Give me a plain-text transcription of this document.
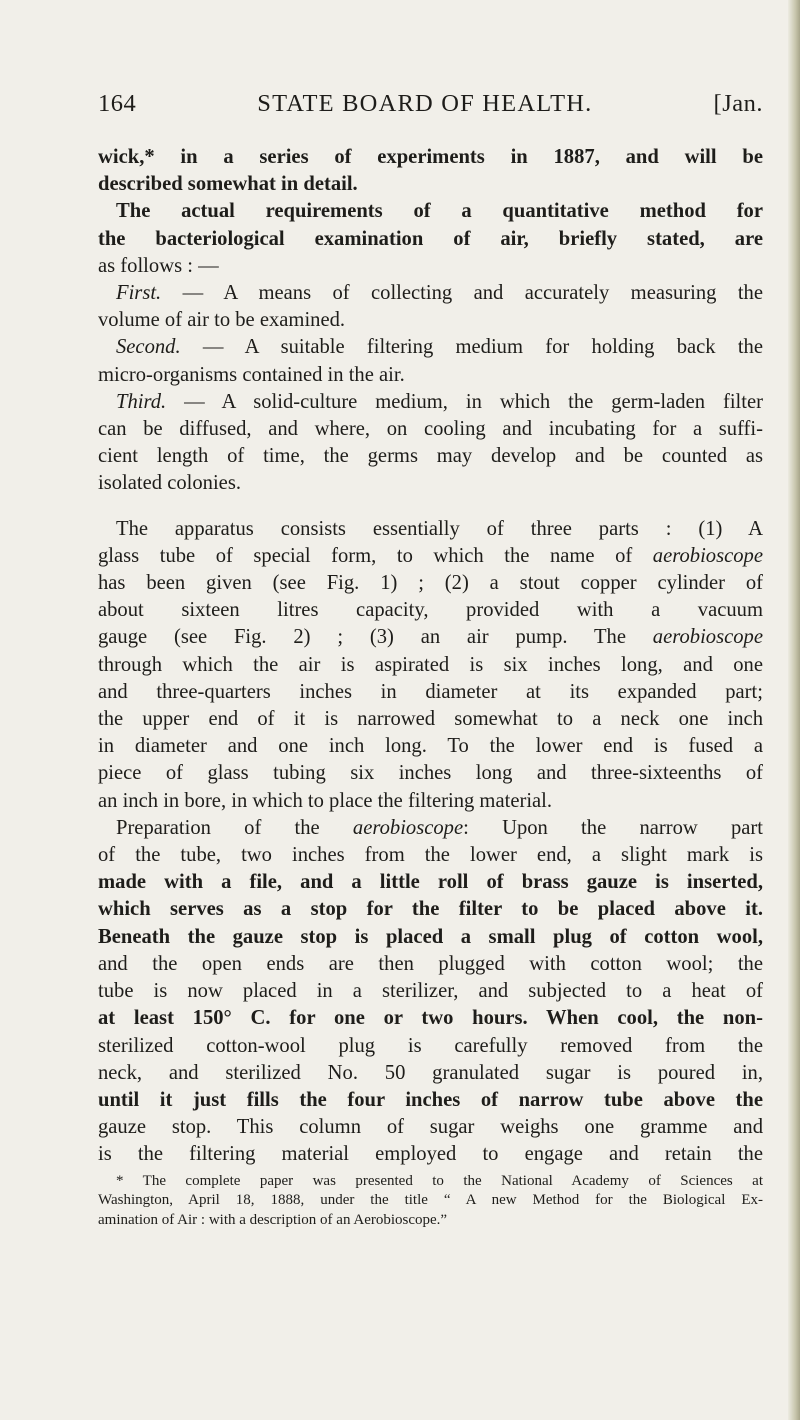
164	STATE BOARD OF HEALTH.	[Jan.
wick,* in a series of experiments in 1887, and will be
described somewhat in detail.
The actual requirements of a quantitative method for
the bacteriological examination of air, briefly stated, are
as follows : —
First. — A means of collecting and accurately measuring the
volume of air to be examined.
Second. — A suitable filtering medium for holding back the
micro-organisms contained in the air.
Third. — A solid-culture medium, in which the germ-laden filter
can be diffused, and where, on cooling and incubating for a suffi-
cient length of time, the germs may develop and be counted as
isolated colonies.
The apparatus consists essentially of three parts : (1) A
glass tube of special form, to which the name of aerobioscope
has been given (see Fig. 1) ; (2) a stout copper cylinder of
about sixteen litres capacity, provided with a vacuum
gauge (see Fig. 2) ; (3) an air pump. The aerobioscope
through which the air is aspirated is six inches long, and one
and three-quarters inches in diameter at its expanded part;
the upper end of it is narrowed somewhat to a neck one inch
in diameter and one inch long. To the lower end is fused a
piece of glass tubing six inches long and three-sixteenths of
an inch in bore, in which to place the filtering material.
Preparation of the aerobioscope: Upon the narrow part
of the tube, two inches from the lower end, a slight mark is
made with a file, and a little roll of brass gauze is inserted,
which serves as a stop for the filter to be placed above it.
Beneath the gauze stop is placed a small plug of cotton wool,
and the open ends are then plugged with cotton wool; the
tube is now placed in a sterilizer, and subjected to a heat of
at least 150° C. for one or two hours. When cool, the non-
sterilized cotton-wool plug is carefully removed from the
neck, and sterilized No. 50 granulated sugar is poured in,
until it just fills the four inches of narrow tube above the
gauze stop. This column of sugar weighs one gramme and
is the filtering material employed to engage and retain the
* The complete paper was presented to the National Academy of Sciences at
Washington, April 18, 1888, under the title “ A new Method for the Biological Ex-
amination of Air : with a description of an Aerobioscope.”
